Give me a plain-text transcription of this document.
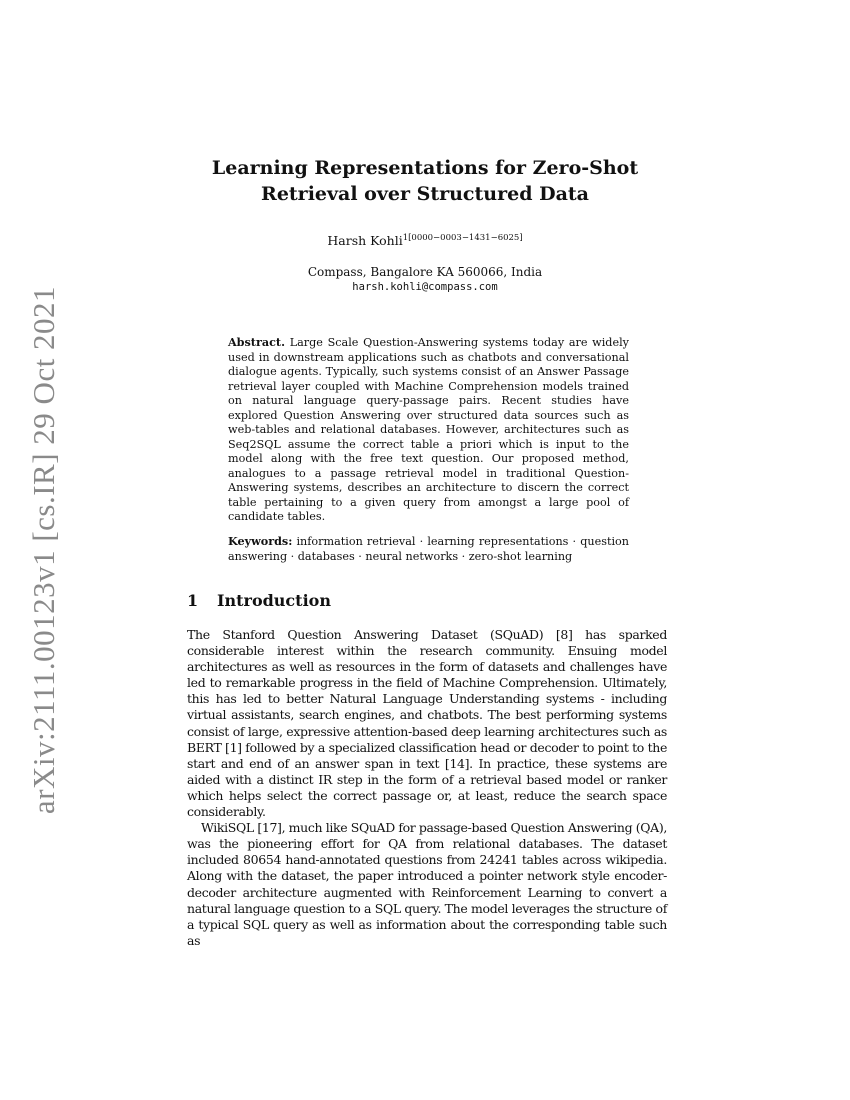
arXiv:2111.00123v1 [cs.IR] 29 Oct 2021
Learning Representations for Zero-Shot
Retrieval over Structured Data
Harsh Kohli$^{1[0000-0003-1431-6025]}$
Compass, Bangalore KA 560066, India
harsh.kohli@compass.com
Abstract. Large Scale Question-Answering systems today are widely used in downstream applications such as chatbots and conversational dialogue agents. Typically, such systems consist of an Answer Passage retrieval layer coupled with Machine Comprehension models trained on natural language query-passage pairs. Recent studies have explored Question Answering over structured data sources such as web-tables and relational databases. However, architectures such as Seq2SQL assume the correct table a priori which is input to the model along with the free text question. Our proposed method, analogues to a passage retrieval model in traditional Question-Answering systems, describes an architecture to discern the correct table pertaining to a given query from amongst a large pool of candidate tables.
Keywords: information retrieval · learning representations · question answering · databases · neural networks · zero-shot learning
1 Introduction

The Stanford Question Answering Dataset (SQuAD) [8] has sparked considerable interest within the research community. Ensuing model architectures as well as resources in the form of datasets and challenges have led to remarkable progress in the field of Machine Comprehension. Ultimately, this has led to better Natural Language Understanding systems - including virtual assistants, search engines, and chatbots. The best performing systems consist of large, expressive attention-based deep learning architectures such as BERT [1] followed by a specialized classification head or decoder to point to the start and end of an answer span in text [14]. In practice, these systems are aided with a distinct IR step in the form of a retrieval based model or ranker which helps select the correct passage or, at least, reduce the search space considerably.

WikiSQL [17], much like SQuAD for passage-based Question Answering (QA), was the pioneering effort for QA from relational databases. The dataset included 80654 hand-annotated questions from 24241 tables across wikipedia. Along with the dataset, the paper introduced a pointer network style encoder-decoder architecture augmented with Reinforcement Learning to convert a natural language question to a SQL query. The model leverages the structure of a typical SQL query as well as information about the corresponding table such as
